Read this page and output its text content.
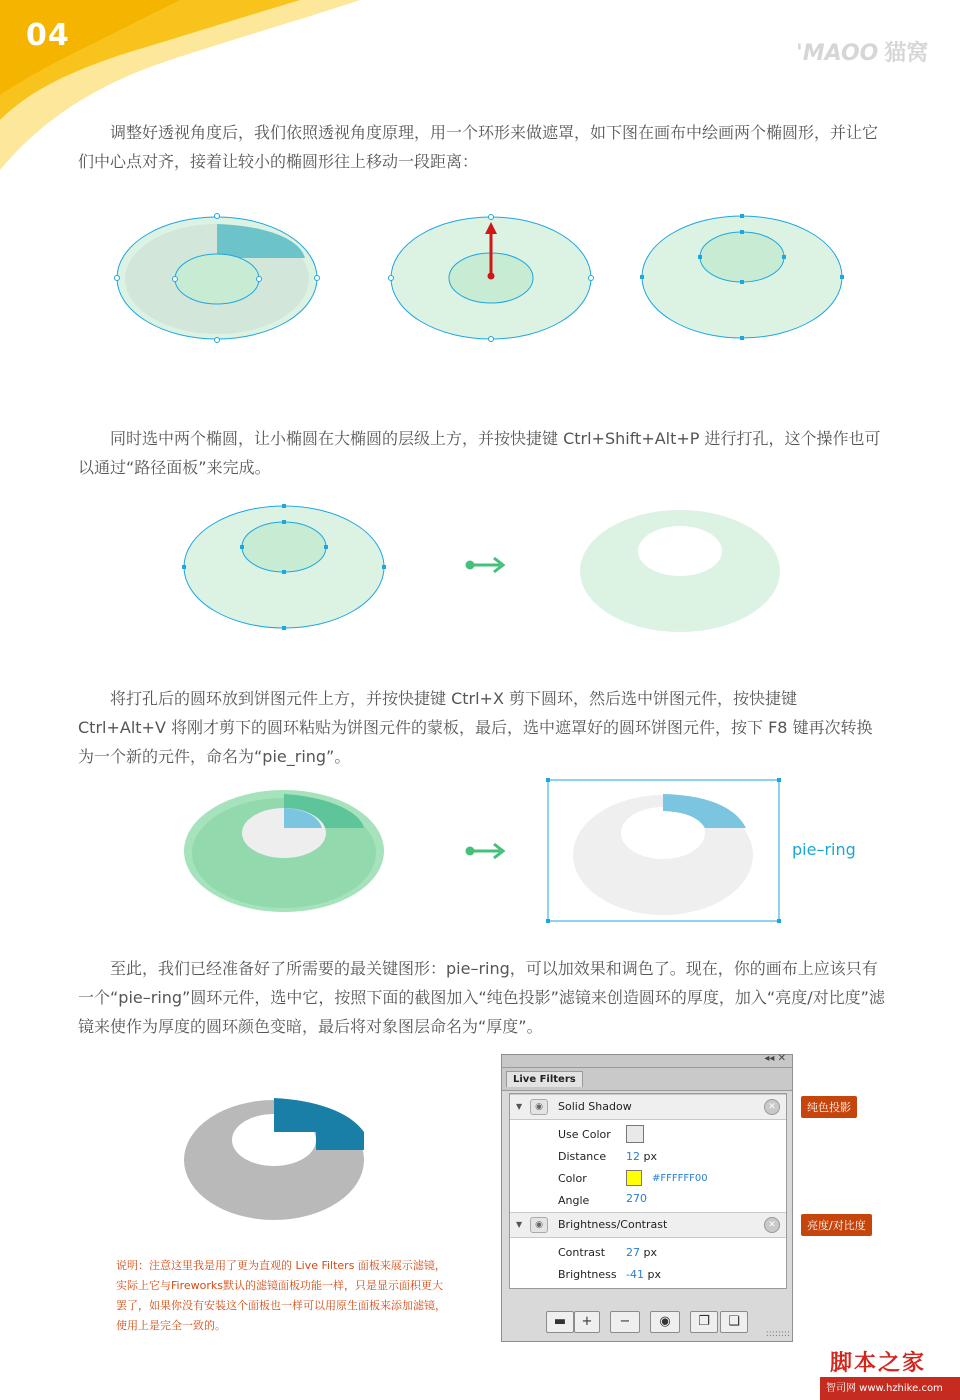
04
'MAOO 猫窝
调整好透视角度后，我们依照透视角度原理，用一个环形来做遮罩，如下图在画布中绘画两个椭圆形，并让它们中心点对齐，接着让较小的椭圆形往上移动一段距离：
同时选中两个椭圆，让小椭圆在大椭圆的层级上方，并按快捷键 Ctrl+Shift+Alt+P 进行打孔，这个操作也可以通过“路径面板”来完成。
将打孔后的圆环放到饼图元件上方，并按快捷键 Ctrl+X 剪下圆环，然后选中饼图元件，按快捷键 Ctrl+Alt+V 将刚才剪下的圆环粘贴为饼图元件的蒙板，最后，选中遮罩好的圆环饼图元件，按下 F8 键再次转换为一个新的元件，命名为“pie_ring”。
pie–ring
至此，我们已经准备好了所需要的最关键图形：pie–ring，可以加效果和调色了。现在，你的画布上应该只有一个“pie–ring”圆环元件，选中它，按照下面的截图加入“纯色投影”滤镜来创造圆环的厚度，加入“亮度/对比度”滤镜来使作为厚度的圆环颜色变暗，最后将对象图层命名为“厚度”。
说明：注意这里我是用了更为直观的 Live Filters 面板来展示滤镜，实际上它与Fireworks默认的滤镜面板功能一样，只是显示面积更大罢了，如果你没有安装这个面板也一样可以用原生面板来添加滤镜，使用上是完全一致的。
◂◂ ✕
Live Filters
▼	◉	Solid Shadow	✕
Use Color
Distance 12 px
Color	#FFFFFF00
Angle	270
▼	◉	Brightness/Contrast	✕
Contrast 27 px
Brightness -41 px
▬	+	−	◉	❐	❏
::::::::
纯色投影
亮度/对比度
脚本之家
智司网 www.hzhike.com
